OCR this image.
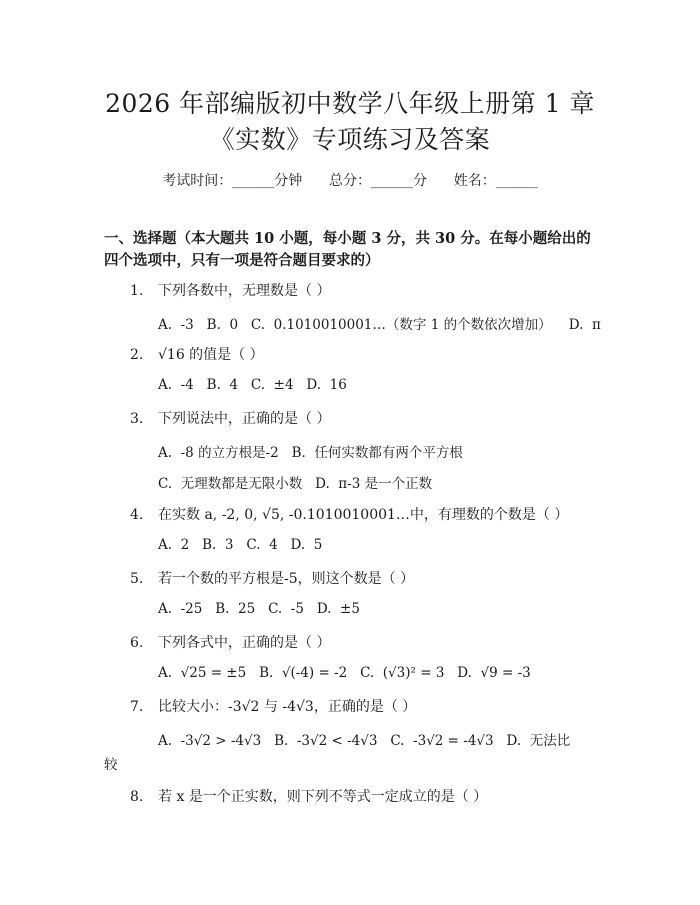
2026 年部编版初中数学八年级上册第 1 章
《实数》专项练习及答案
考试时间：______分钟      总分：______分      姓名：______
一、选择题（本大题共 10 小题，每小题 3 分，共 30 分。在每小题给出的四个选项中，只有一项是符合题目要求的）
1. 下列各数中，无理数是（ ）
A.  -3   B.  0   C.  0.1010010001…（数字 1 的个数依次增加）    D.  π
2. √16 的值是（ ）
A.  -4   B.  4   C.  ±4   D.  16
3. 下列说法中，正确的是（ ）
A.  -8 的立方根是-2   B.  任何实数都有两个平方根
C.  无理数都是无限小数   D.  π-3 是一个正数
4. 在实数 a, -2, 0, √5, -0.1010010001…中，有理数的个数是（ ）
A.  2   B.  3   C.  4   D.  5
5. 若一个数的平方根是-5，则这个数是（ ）
A.  -25   B.  25   C.  -5   D.  ±5
6. 下列各式中，正确的是（ ）
A.  √25 = ±5   B.  √(-4) = -2   C.  (√3)² = 3   D.  √9 = -3
7. 比较大小：-3√2 与 -4√3，正确的是（ ）
A.  -3√2 > -4√3   B.  -3√2 < -4√3   C.  -3√2 = -4√3   D.  无法比
较
8. 若 x 是一个正实数，则下列不等式一定成立的是（ ）
